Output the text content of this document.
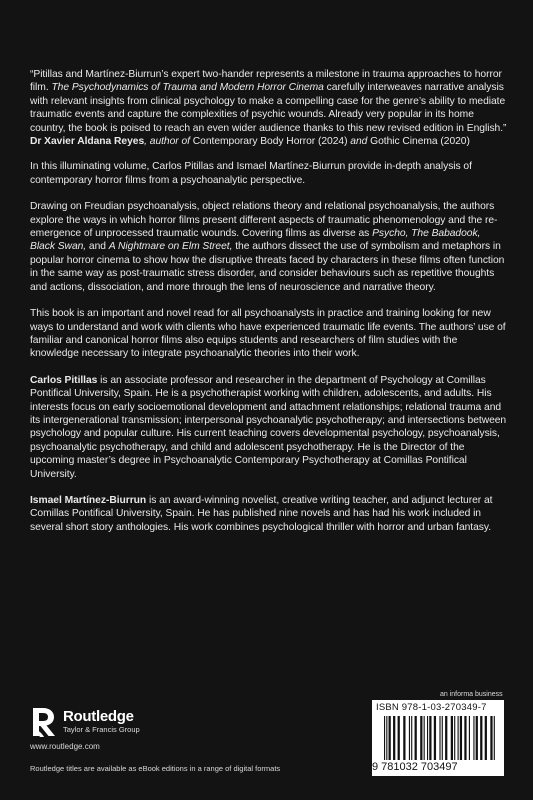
“Pitillas and Martínez-Biurrun’s expert two-hander represents a milestone in trauma approaches to horror film. The Psychodynamics of Trauma and Modern Horror Cinema carefully interweaves narrative analysis with relevant insights from clinical psychology to make a compelling case for the genre’s ability to mediate traumatic events and capture the complexities of psychic wounds. Already very popular in its home country, the book is poised to reach an even wider audience thanks to this new revised edition in English.”

Dr Xavier Aldana Reyes, author of Contemporary Body Horror (2024) and Gothic Cinema (2020)

In this illuminating volume, Carlos Pitillas and Ismael Martínez-Biurrun provide in-depth analysis of contemporary horror films from a psychoanalytic perspective.

Drawing on Freudian psychoanalysis, object relations theory and relational psychoanalysis, the authors explore the ways in which horror films present different aspects of traumatic phenomenology and the re-emergence of unprocessed traumatic wounds. Covering films as diverse as Psycho, The Babadook, Black Swan, and A Nightmare on Elm Street, the authors dissect the use of symbolism and metaphors in popular horror cinema to show how the disruptive threats faced by characters in these films often function in the same way as post-traumatic stress disorder, and consider behaviours such as repetitive thoughts and actions, dissociation, and more through the lens of neuroscience and narrative theory.

This book is an important and novel read for all psychoanalysts in practice and training looking for new ways to understand and work with clients who have experienced traumatic life events. The authors’ use of familiar and canonical horror films also equips students and researchers of film studies with the knowledge necessary to integrate psychoanalytic theories into their work.

Carlos Pitillas is an associate professor and researcher in the department of Psychology at Comillas Pontifical University, Spain. He is a psychotherapist working with children, adolescents, and adults. His interests focus on early socioemotional development and attachment relationships; relational trauma and its intergenerational transmission; interpersonal psychoanalytic psychotherapy; and intersections between psychology and popular culture. His current teaching covers developmental psychology, psychoanalysis, psychoanalytic psychotherapy, and child and adolescent psychotherapy. He is the Director of the upcoming master’s degree in Psychoanalytic Contemporary Psychotherapy at Comillas Pontifical University.

Ismael Martínez-Biurrun is an award-winning novelist, creative writing teacher, and adjunct lecturer at Comillas Pontifical University, Spain. He has published nine novels and has had his work included in several short story anthologies. His work combines psychological thriller with horror and urban fantasy.

Routledge
Taylor & Francis Group
www.routledge.com
Routledge titles are available as eBook editions in a range of digital formats
an informa business
ISBN 978-1-03-270349-7
9 781032 703497
